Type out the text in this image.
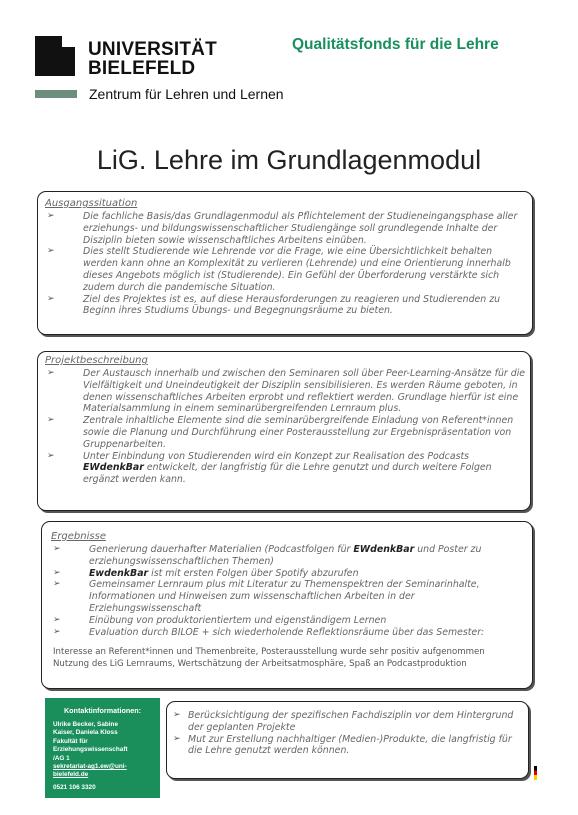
UNIVERSITÄT
BIELEFELD
Zentrum für Lehren und Lernen
Qualitätsfonds für die Lehre
LiG. Lehre im Grundlagenmodul
Ausgangssituation
➢	Die fachliche Basis/das Grundlagenmodul als Pflichtelement der Studieneingangsphase aller erziehungs- und bildungswissenschaftlicher Studiengänge soll grundlegende Inhalte der Disziplin bieten sowie wissenschaftliches Arbeitens einüben.
➢	Dies stellt Studierende wie Lehrende vor die Frage, wie eine Übersichtlichkeit behalten werden kann ohne an Komplexität zu verlieren (Lehrende) und eine Orientierung innerhalb dieses Angebots möglich ist (Studierende). Ein Gefühl der Überforderung verstärkte sich zudem durch die pandemische Situation.
➢	Ziel des Projektes ist es, auf diese Herausforderungen zu reagieren und Studierenden zu Beginn ihres Studiums Übungs- und Begegnungsräume zu bieten.
Projektbeschreibung
➢	Der Austausch innerhalb und zwischen den Seminaren soll über Peer-Learning-Ansätze für die Vielfältigkeit und Uneindeutigkeit der Disziplin sensibilisieren. Es werden Räume geboten, in denen wissenschaftliches Arbeiten erprobt und reflektiert werden. Grundlage hierfür ist eine Materialsammlung in einem seminarübergreifenden Lernraum plus.
➢	Zentrale inhaltliche Elemente sind die seminarübergreifende Einladung von Referent*innen sowie die Planung und Durchführung einer Posterausstellung zur Ergebnispräsentation von Gruppenarbeiten.
➢	Unter Einbindung von Studierenden wird ein Konzept zur Realisation des Podcasts EWdenkBar entwickelt, der langfristig für die Lehre genutzt und durch weitere Folgen ergänzt werden kann.
Ergebnisse
➢	Generierung dauerhafter Materialien (Podcastfolgen für EWdenkBar und Poster zu erziehungswissenschaftlichen Themen)
➢	EwdenkBar ist mit ersten Folgen über Spotify abzurufen
➢	Gemeinsamer Lernraum plus mit Literatur zu Themenspektren der Seminarinhalte, Informationen und Hinweisen zum wissenschaftlichen Arbeiten in der Erziehungswissenschaft
➢	Einübung von produktorientiertem und eigenständigem Lernen
➢	Evaluation durch BILOE + sich wiederholende Reflektionsräume über das Semester:
Interesse an Referent*innen und Themenbreite, Posterausstellung wurde sehr positiv aufgenommen Nutzung des LiG Lernraums, Wertschätzung der Arbeitsatmosphäre, Spaß an Podcastproduktion
Kontaktinformationen:
Ulrike Becker, Sabine
Kaiser, Daniela Kloss
Fakultät für
Erziehungswissenschaft
/AG 1
sekretariat-ag1.ew@uni-
bielefeld.de
0521 106 3320
➢ Berücksichtigung der spezifischen Fachdisziplin vor dem Hintergrund der geplanten Projekte
➢ Mut zur Erstellung nachhaltiger (Medien-)Produkte, die langfristig für die Lehre genutzt werden können.
